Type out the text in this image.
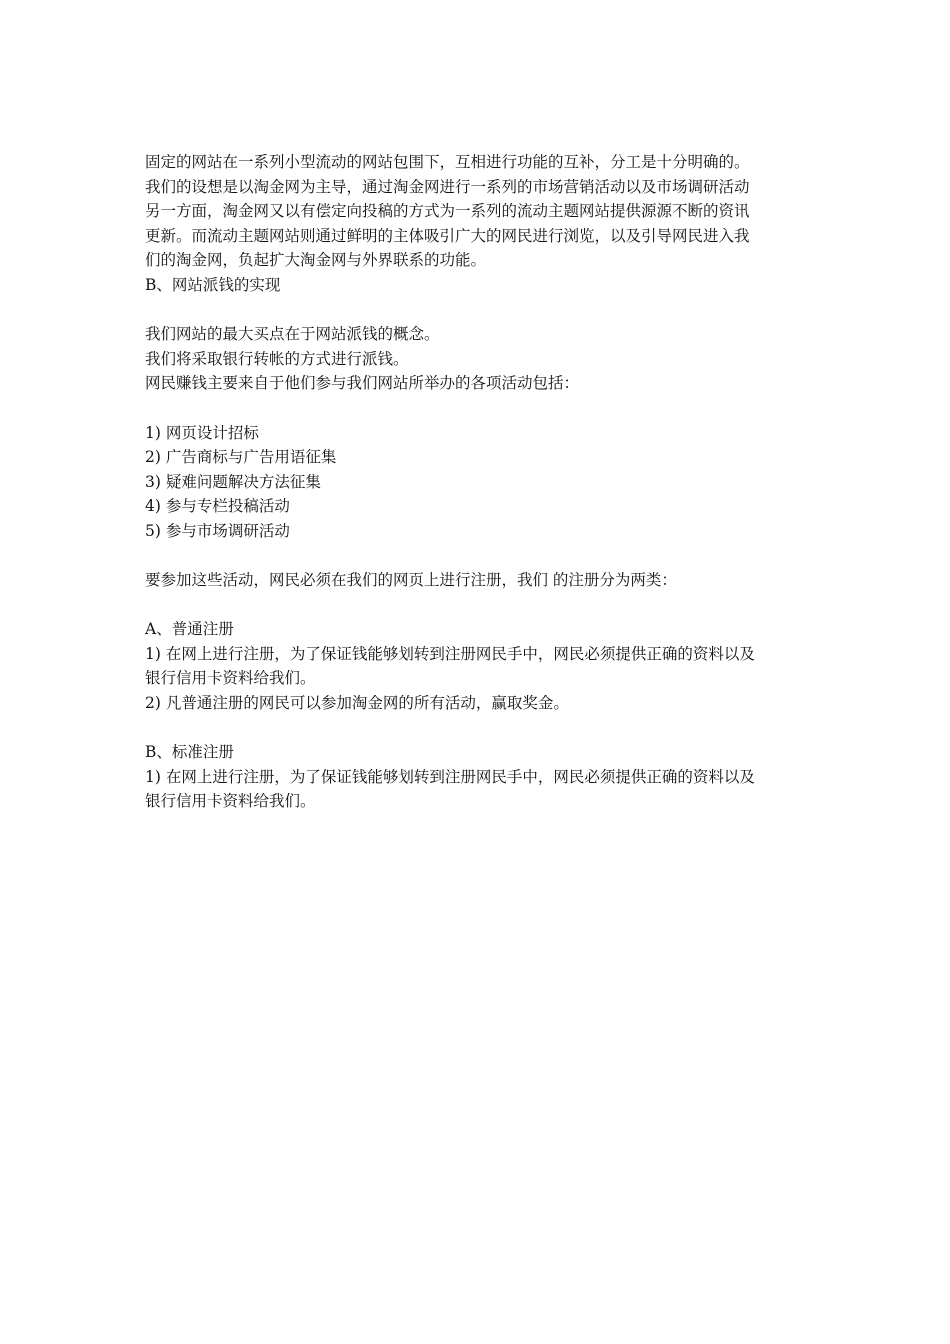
固定的网站在一系列小型流动的网站包围下，互相进行功能的互补，分工是十分明确的。
我们的设想是以淘金网为主导，通过淘金网进行一系列的市场营销活动以及市场调研活动
另一方面，淘金网又以有偿定向投稿的方式为一系列的流动主题网站提供源源不断的资讯
更新。而流动主题网站则通过鲜明的主体吸引广大的网民进行浏览，以及引导网民进入我
们的淘金网，负起扩大淘金网与外界联系的功能。
B、网站派钱的实现
我们网站的最大买点在于网站派钱的概念。
我们将采取银行转帐的方式进行派钱。
网民赚钱主要来自于他们参与我们网站所举办的各项活动包括：
1) 网页设计招标
2) 广告商标与广告用语征集
3) 疑难问题解决方法征集
4) 参与专栏投稿活动
5) 参与市场调研活动
要参加这些活动，网民必须在我们的网页上进行注册，我们 的注册分为两类：
A、普通注册
1) 在网上进行注册，为了保证钱能够划转到注册网民手中，网民必须提供正确的资料以及
银行信用卡资料给我们。
2) 凡普通注册的网民可以参加淘金网的所有活动，赢取奖金。
B、标准注册
1) 在网上进行注册，为了保证钱能够划转到注册网民手中，网民必须提供正确的资料以及
银行信用卡资料给我们。
